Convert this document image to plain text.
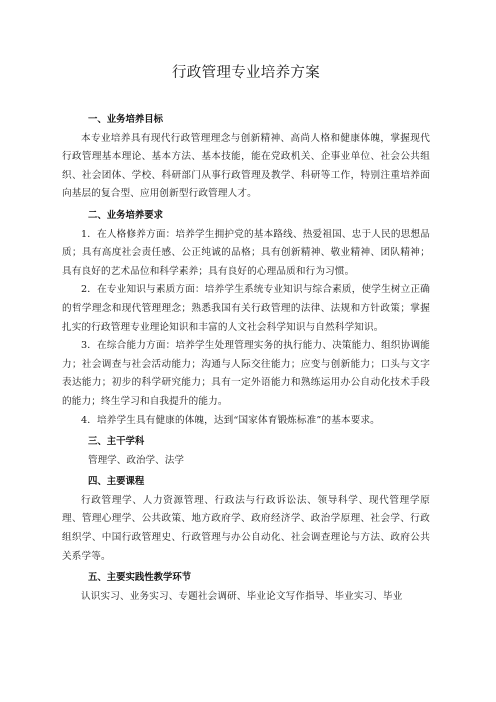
行政管理专业培养方案
一、业务培养目标

本专业培养具有现代行政管理理念与创新精神、高尚人格和健康体魄，掌握现代行政管理基本理论、基本方法、基本技能，能在党政机关、企事业单位、社会公共组织、社会团体、学校、科研部门从事行政管理及教学、科研等工作，特别注重培养面向基层的复合型、应用创新型行政管理人才。

二、业务培养要求

1．在人格修养方面：培养学生拥护党的基本路线、热爱祖国、忠于人民的思想品质；具有高度社会责任感、公正纯诚的品格；具有创新精神、敬业精神、团队精神；具有良好的艺术品位和科学素养；具有良好的心理品质和行为习惯。

2．在专业知识与素质方面：培养学生系统专业知识与综合素质，使学生树立正确的哲学理念和现代管理理念；熟悉我国有关行政管理的法律、法规和方针政策；掌握扎实的行政管理专业理论知识和丰富的人文社会科学知识与自然科学知识。

3．在综合能力方面：培养学生处理管理实务的执行能力、决策能力、组织协调能力；社会调查与社会活动能力；沟通与人际交往能力；应变与创新能力；口头与文字表达能力；初步的科学研究能力；具有一定外语能力和熟练运用办公自动化技术手段的能力；终生学习和自我提升的能力。

4．培养学生具有健康的体魄，达到“国家体育锻炼标准”的基本要求。

三、主干学科

管理学、政治学、法学

四、主要课程

行政管理学、人力资源管理、行政法与行政诉讼法、领导科学、现代管理学原理、管理心理学、公共政策、地方政府学、政府经济学、政治学原理、社会学、行政组织学、中国行政管理史、行政管理与办公自动化、社会调查理论与方法、政府公共关系学等。

五、主要实践性教学环节

认识实习、业务实习、专题社会调研、毕业论文写作指导、毕业实习、毕业
